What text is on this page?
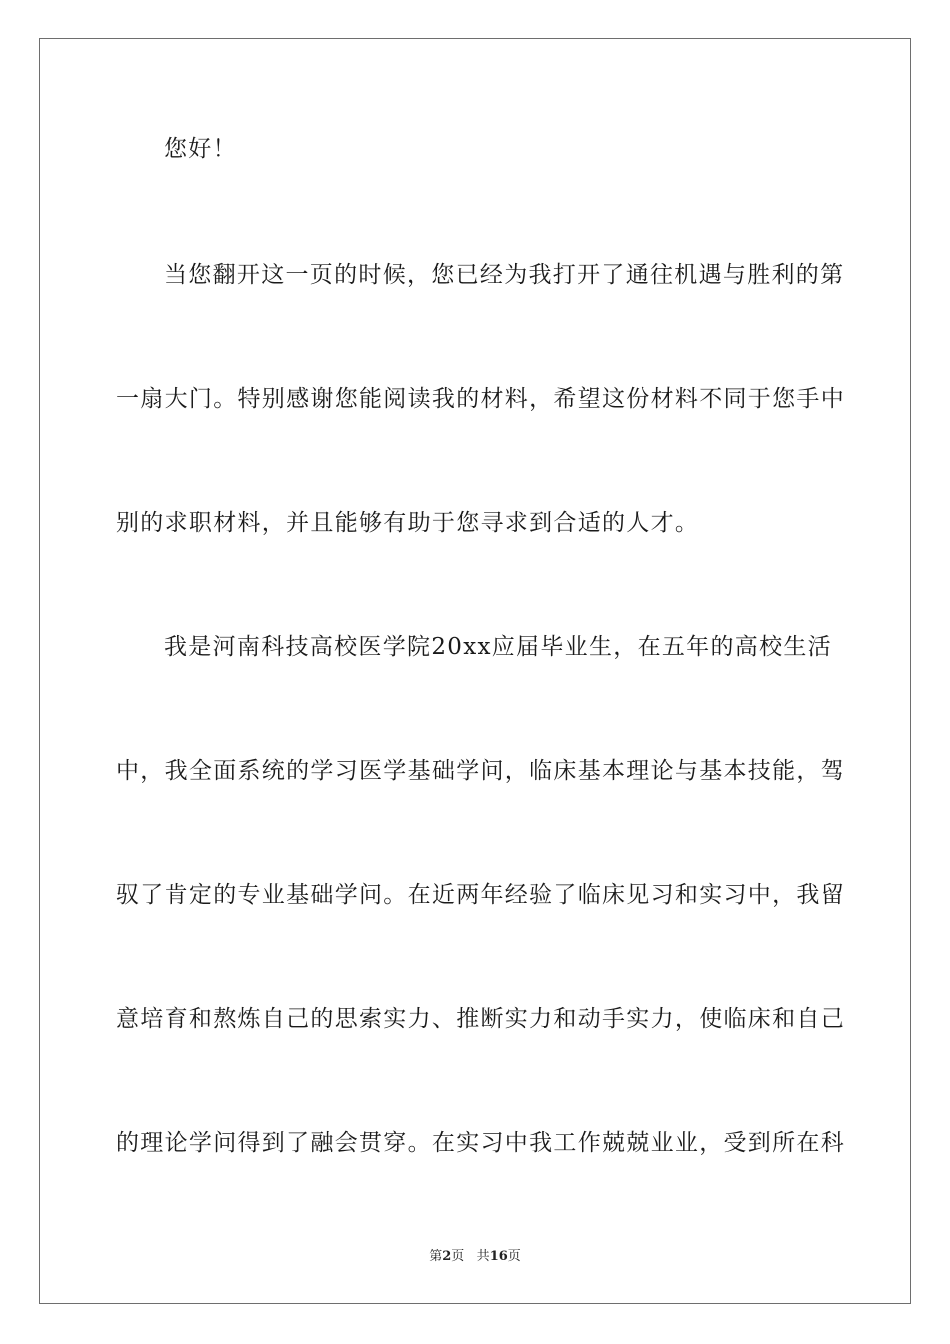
您好！
当您翻开这一页的时候，您已经为我打开了通往机遇与胜利的第
一扇大门。特别感谢您能阅读我的材料，希望这份材料不同于您手中
别的求职材料，并且能够有助于您寻求到合适的人才。
我是河南科技高校医学院20xx应届毕业生，在五年的高校生活
中，我全面系统的学习医学基础学问，临床基本理论与基本技能，驾
驭了肯定的专业基础学问。在近两年经验了临床见习和实习中，我留
意培育和熬炼自己的思索实力、推断实力和动手实力，使临床和自己
的理论学问得到了融会贯穿。在实习中我工作兢兢业业，受到所在科
第2页 共16页
